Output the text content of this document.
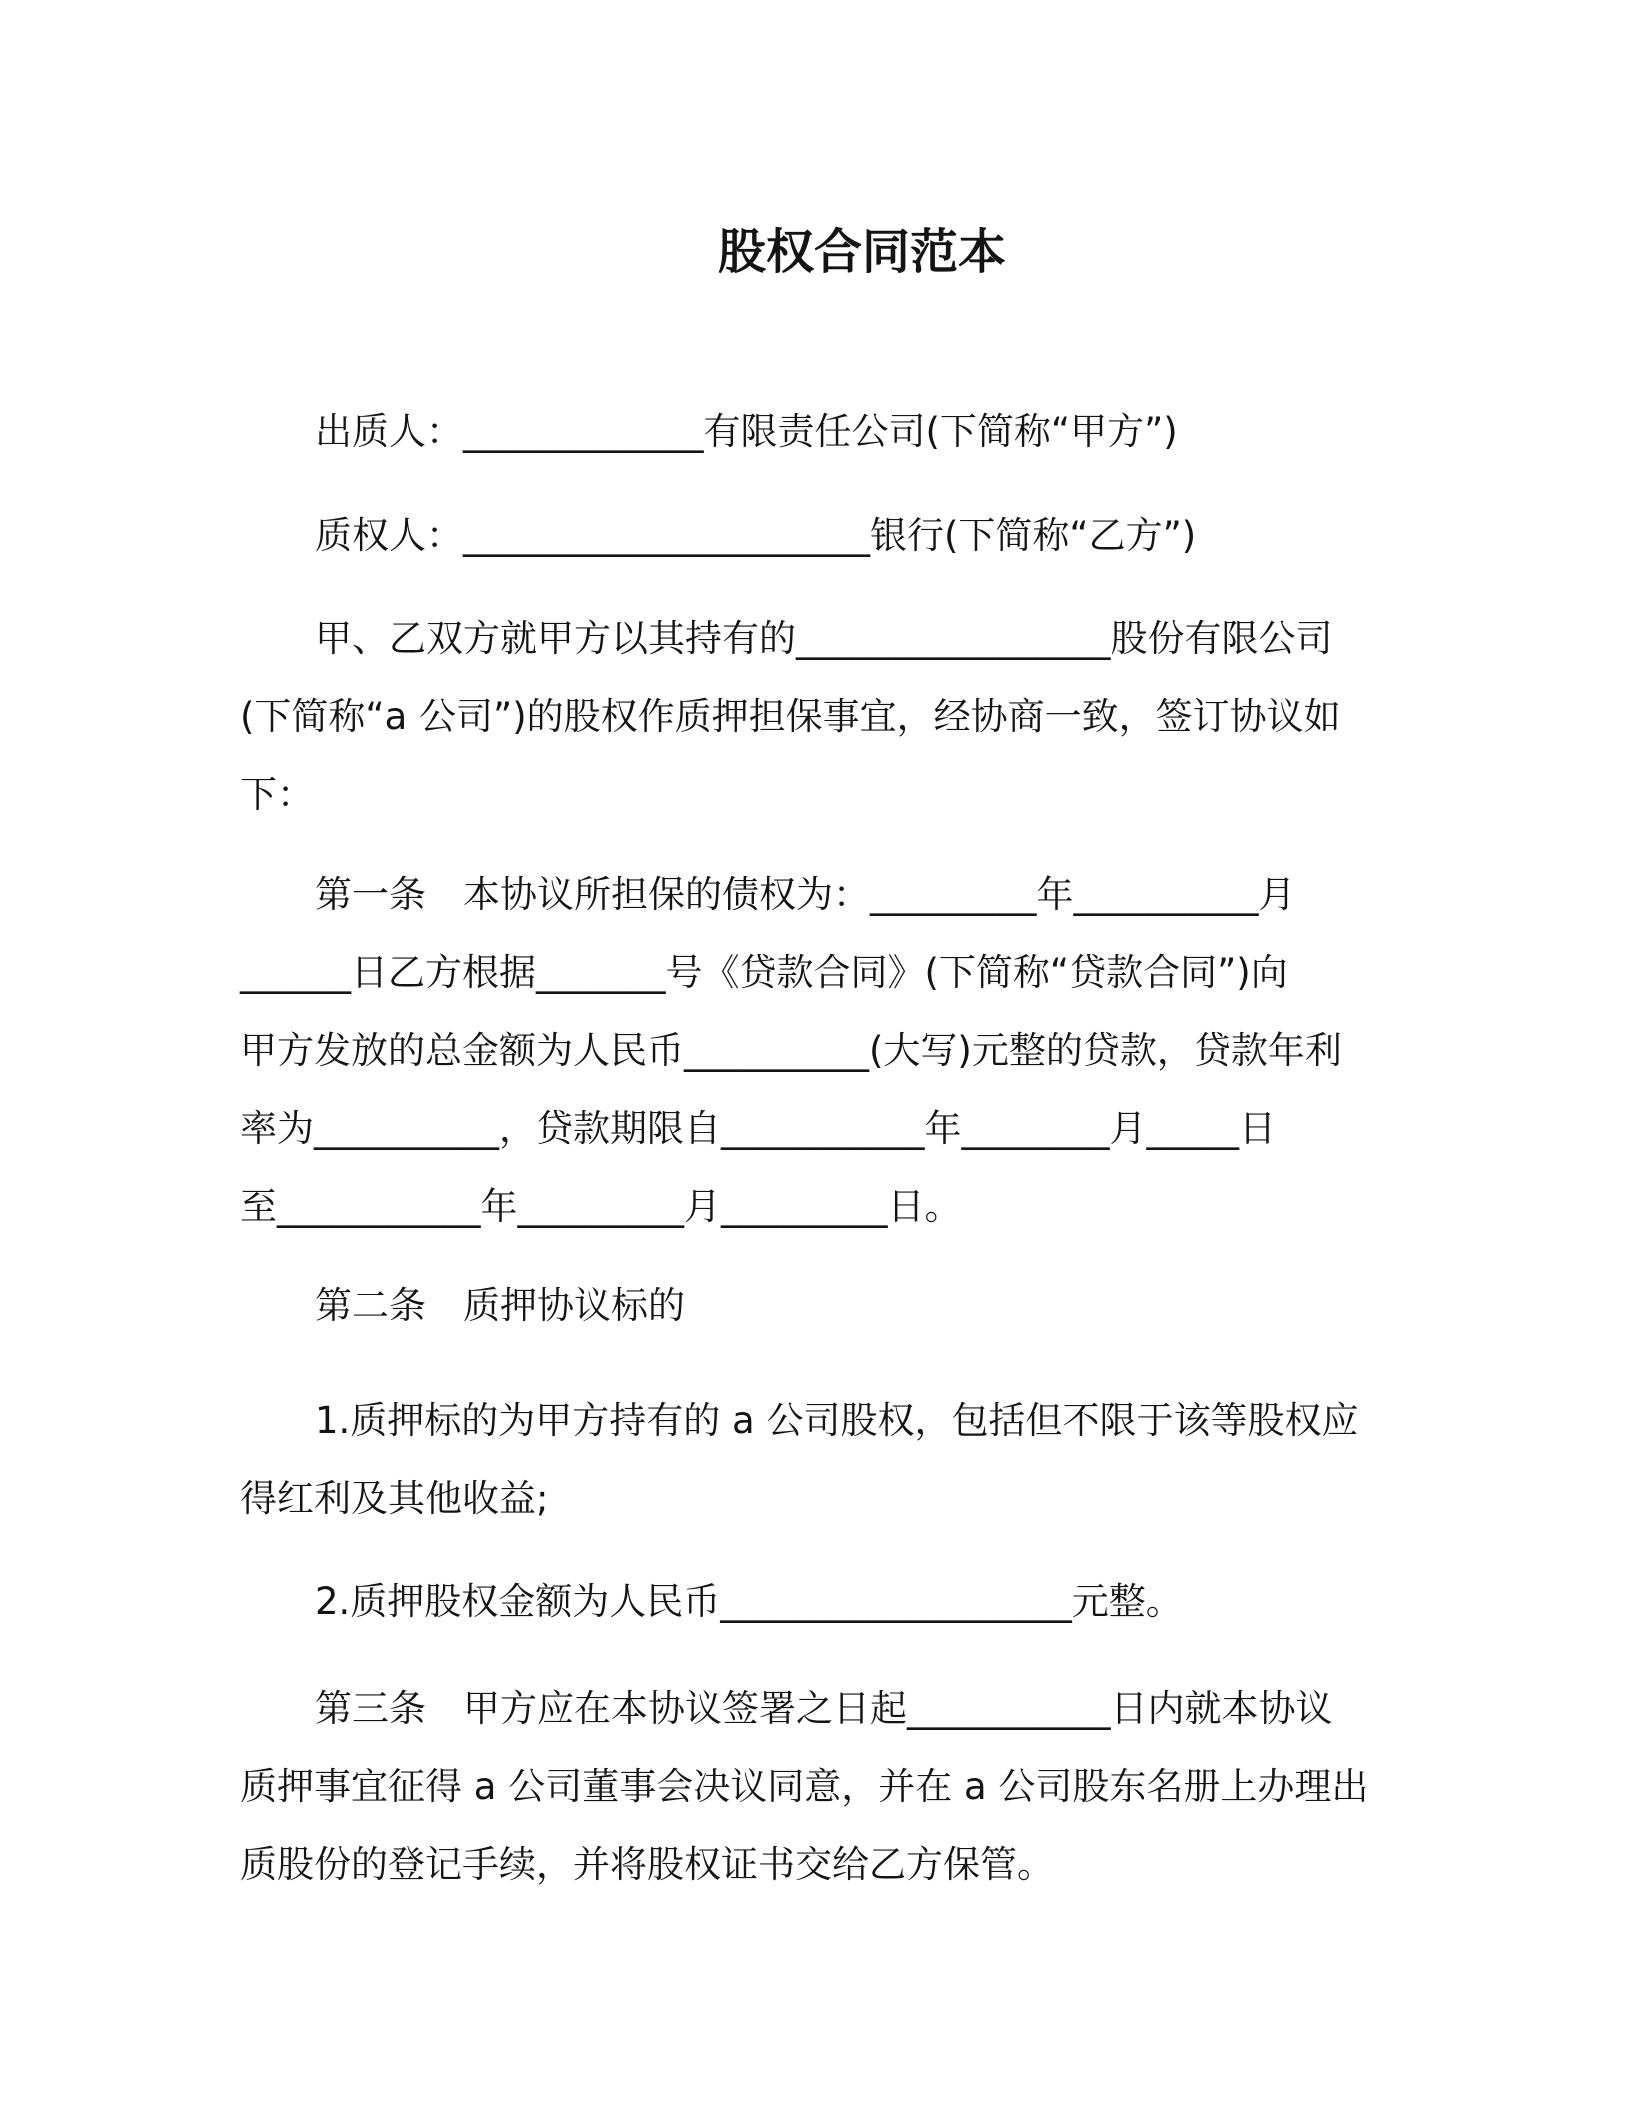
股权合同范本
出质人：_____________有限责任公司(下简称“甲方”)
质权人：______________________银行(下简称“乙方”)
甲、乙双方就甲方以其持有的_________________股份有限公司
(下简称“a 公司”)的股权作质押担保事宜，经协商一致，签订协议如
下：
第一条　本协议所担保的债权为：_________年__________月
______日乙方根据_______号《贷款合同》(下简称“贷款合同”)向
甲方发放的总金额为人民币__________(大写)元整的贷款，贷款年利
率为__________，贷款期限自___________年________月_____日
至___________年_________月_________日。
第二条　质押协议标的
1.质押标的为甲方持有的 a 公司股权，包括但不限于该等股权应
得红利及其他收益;
2.质押股权金额为人民币___________________元整。
第三条　甲方应在本协议签署之日起___________日内就本协议
质押事宜征得 a 公司董事会决议同意，并在 a 公司股东名册上办理出
质股份的登记手续，并将股权证书交给乙方保管。
